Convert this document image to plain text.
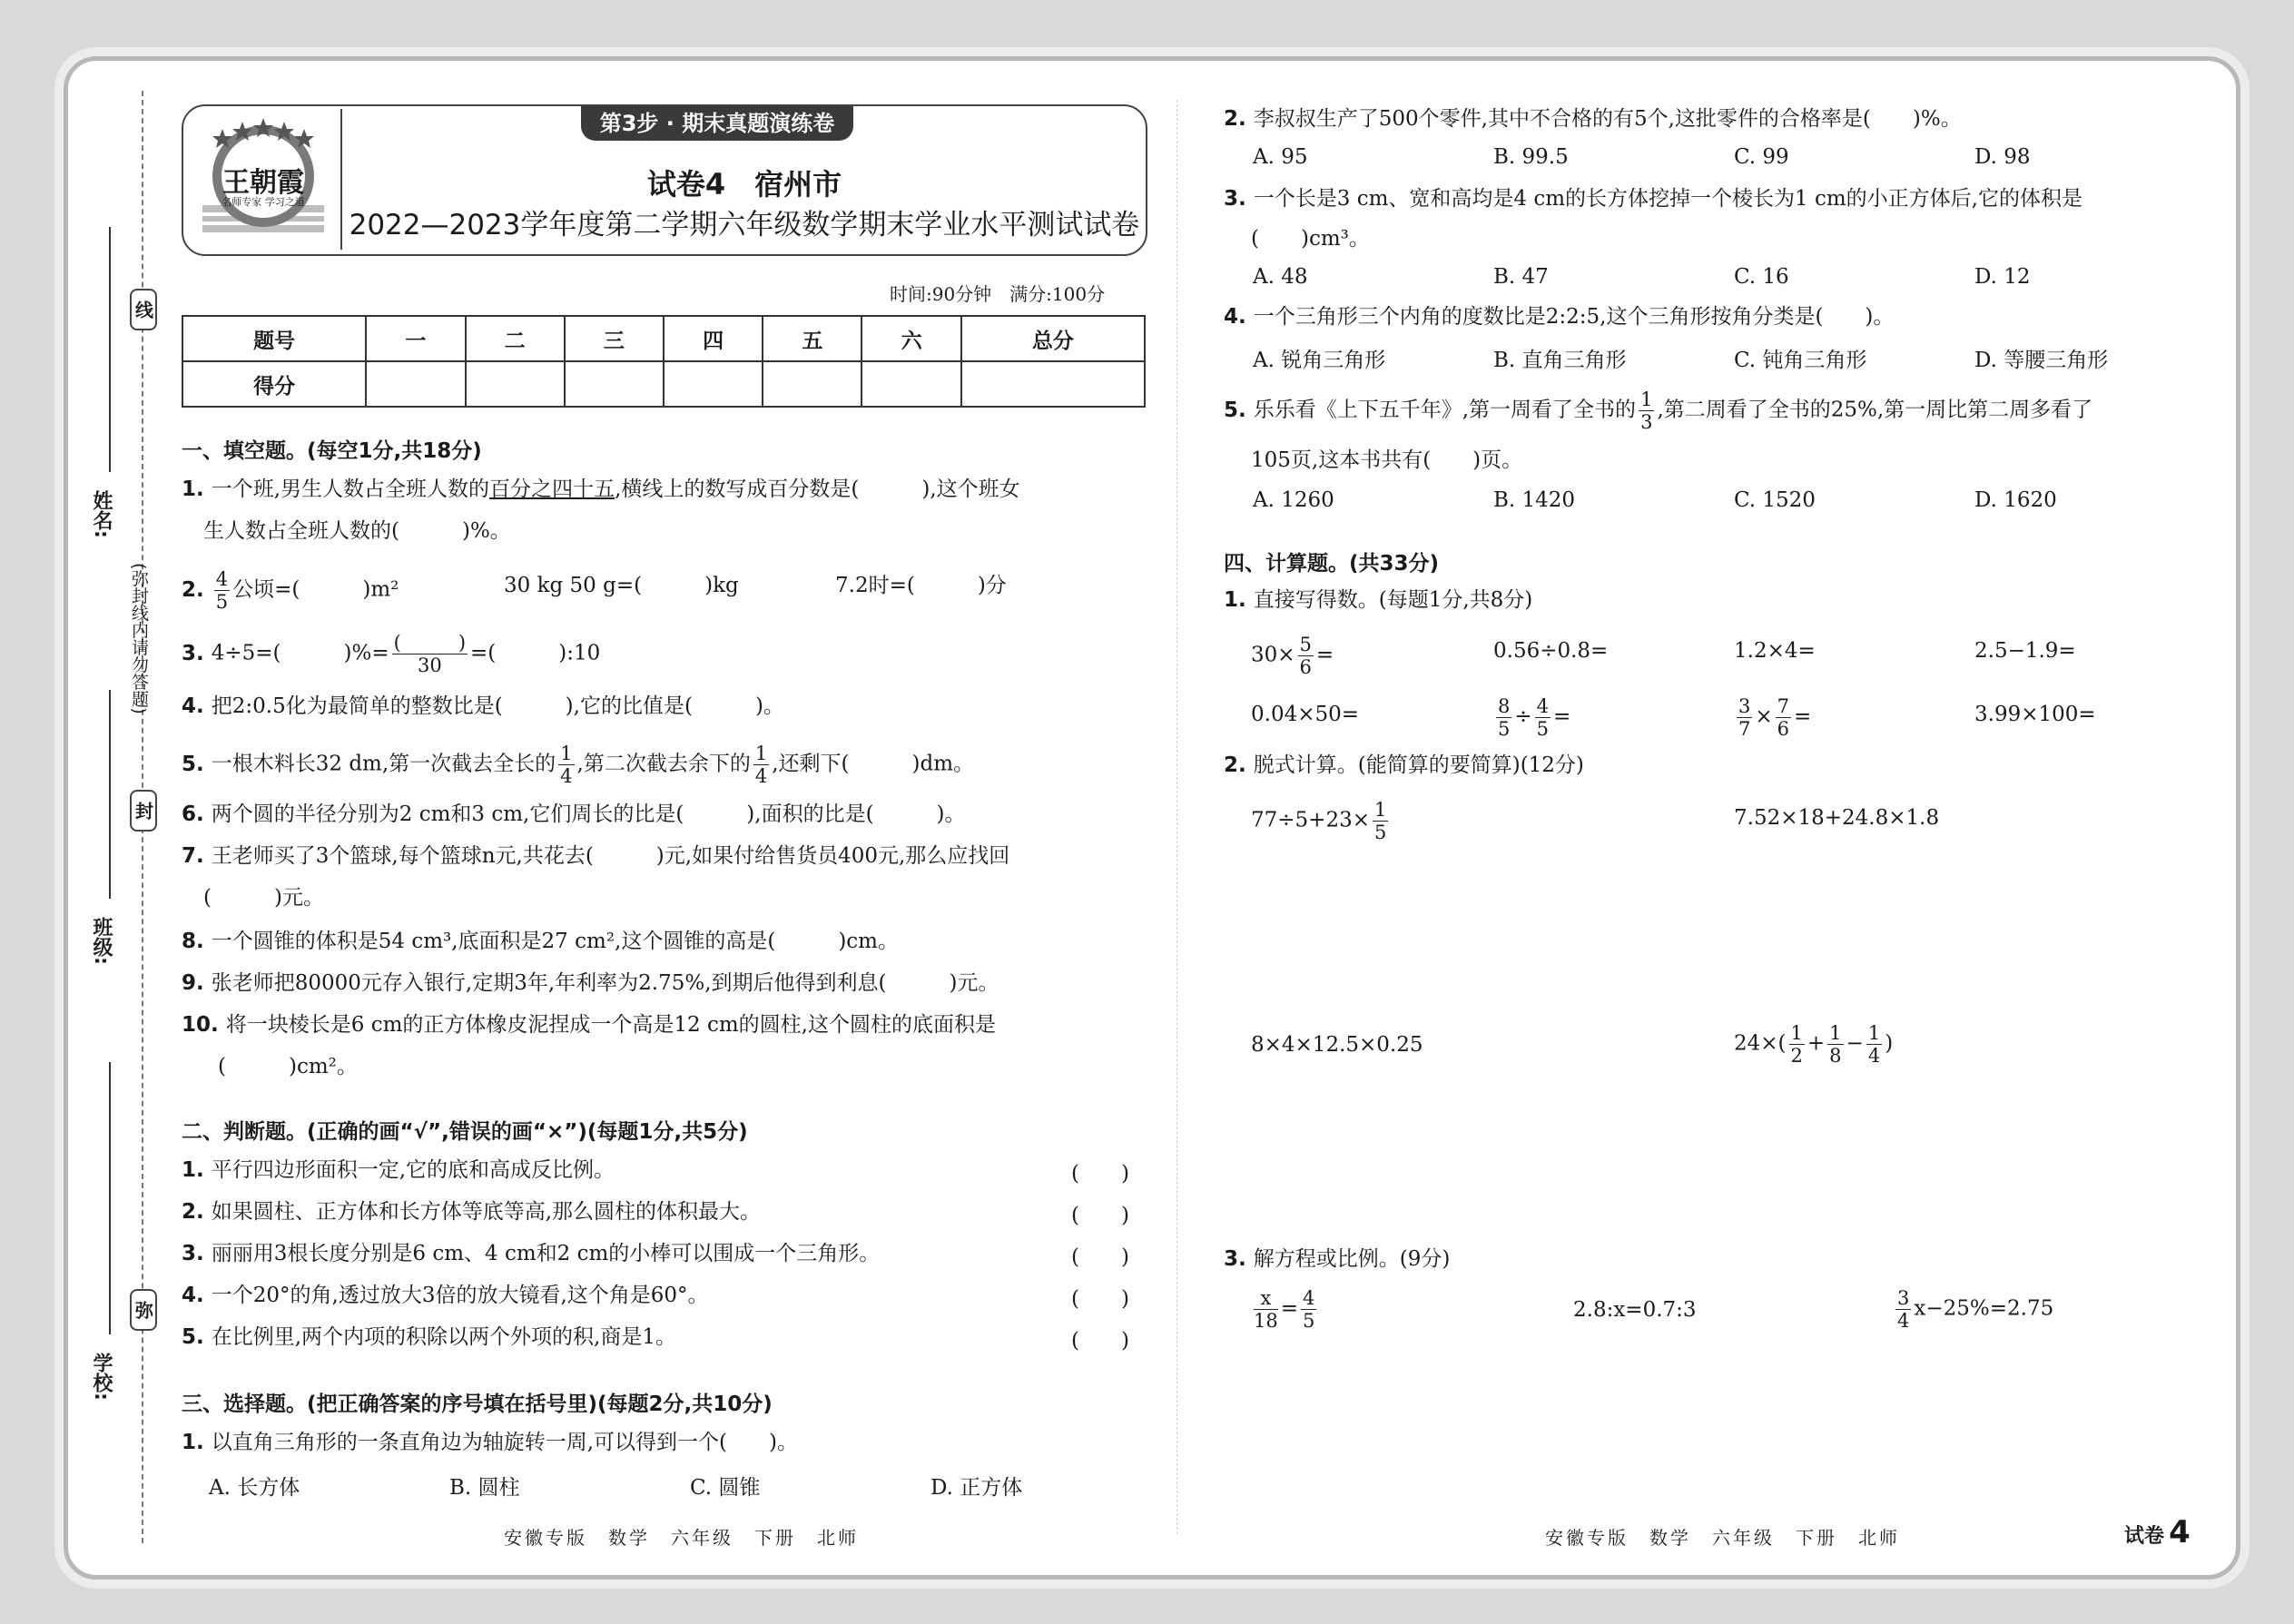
线
封
弥
(弥封线内请勿答题)
姓名:
班级:
学校:
王朝霞
名师专家 学习之道
第3步 · 期末真题演练卷
试卷4　 宿州市
2022—2023学年度第二学期六年级数学期末学业水平测试试卷
时间:90分钟　满分:100分
题号	一	二	三	四	五	六	总分
得分							
一、填空题。(每空1分,共18分)
1. 一个班,男生人数占全班人数的百分之四十五,横线上的数写成百分数是(　　　),这个班女
生人数占全班人数的(　　　)%。
2. $\frac{4}{5}$ 公顷=(　　　)m²	30 kg 50 g=(　　　)kg	7.2时=(　　　)分
3. 4÷5=(　　　)%= $\frac{( )}{30}$ =(　　　):10
4. 把2:0.5化为最简单的整数比是(　　　),它的比值是(　　　)。
5. 一根木料长32 dm,第一次截去全长的 $\frac{1}{4}$ ,第二次截去余下的 $\frac{1}{4}$ ,还剩下(　　　)dm。
6. 两个圆的半径分别为2 cm和3 cm,它们周长的比是(　　　),面积的比是(　　　)。
7. 王老师买了3个篮球,每个篮球n元,共花去(　　　)元,如果付给售货员400元,那么应找回
(　　　)元。
8. 一个圆锥的体积是54 cm³,底面积是27 cm²,这个圆锥的高是(　　　)cm。
9. 张老师把80000元存入银行,定期3年,年利率为2.75%,到期后他得到利息(　　　)元。
10. 将一块棱长是6 cm的正方体橡皮泥捏成一个高是12 cm的圆柱,这个圆柱的底面积是
(　　　)cm²。
二、判断题。(正确的画“√”,错误的画“×”)(每题1分,共5分)
1. 平行四边形面积一定,它的底和高成反比例。	(　　)
2. 如果圆柱、正方体和长方体等底等高,那么圆柱的体积最大。	(　　)
3. 丽丽用3根长度分别是6 cm、4 cm和2 cm的小棒可以围成一个三角形。	(　　)
4. 一个20°的角,透过放大3倍的放大镜看,这个角是60°。	(　　)
5. 在比例里,两个内项的积除以两个外项的积,商是1。	(　　)
三、选择题。(把正确答案的序号填在括号里)(每题2分,共10分)
1. 以直角三角形的一条直角边为轴旋转一周,可以得到一个(　　)。
A. 长方体	B. 圆柱	C. 圆锥	D. 正方体
安徽专版　数学　六年级　下册　北师
2. 李叔叔生产了500个零件,其中不合格的有5个,这批零件的合格率是(　　)%。
A. 95	B. 99.5	C. 99	D. 98
3. 一个长是3 cm、宽和高均是4 cm的长方体挖掉一个棱长为1 cm的小正方体后,它的体积是
(　　)cm³。
A. 48	B. 47	C. 16	D. 12
4. 一个三角形三个内角的度数比是2:2:5,这个三角形按角分类是(　　)。
A. 锐角三角形	B. 直角三角形	C. 钝角三角形	D. 等腰三角形
5. 乐乐看《上下五千年》,第一周看了全书的 $\frac{1}{3}$ ,第二周看了全书的25%,第一周比第二周多看了
105页,这本书共有(　　)页。
A. 1260	B. 1420	C. 1520	D. 1620
四、计算题。(共33分)
1. 直接写得数。(每题1分,共8分)
$30\times \frac{5}{6}$ =	0.56÷0.8=	1.2×4=	2.5−1.9=
0.04×50=	$\frac{8}{5} \div \frac{4}{5}$ =	$\frac{3}{7} \times \frac{7}{6}$ =	3.99×100=
2. 脱式计算。(能简算的要简算)(12分)
$77\div 5+23\times \frac{1}{5}$	7.52×18+24.8×1.8
8×4×12.5×0.25	$24\times( \frac{1}{2} + \frac{1}{8} - \frac{1}{4}$ )
3. 解方程或比例。(9分)
$\frac{x}{18} = \frac{4}{5}$	2.8:x=0.7:3	$\frac{3}{4} x-25\%=2.75$
安徽专版　数学　六年级　下册　北师	试卷 4
